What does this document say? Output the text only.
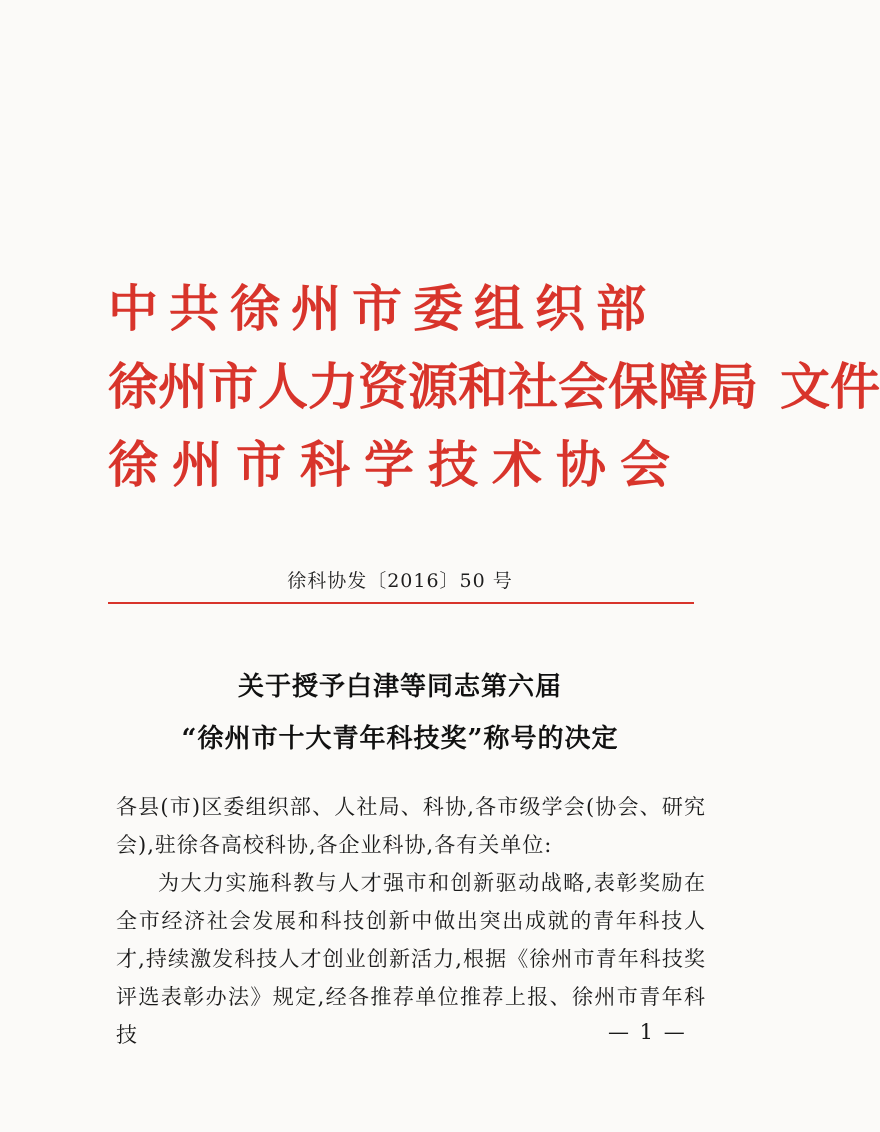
中共徐州市委组织部
徐州市人力资源和社会保障局 文件
徐州市科学技术协会
徐科协发〔2016〕50 号
关于授予白津等同志第六届
“徐州市十大青年科技奖”称号的决定

各县(市)区委组织部、人社局、科协,各市级学会(协会、研究会),驻徐各高校科协,各企业科协,各有关单位:

为大力实施科教与人才强市和创新驱动战略,表彰奖励在全市经济社会发展和科技创新中做出突出成就的青年科技人才,持续激发科技人才创业创新活力,根据《徐州市青年科技奖评选表彰办法》规定,经各推荐单位推荐上报、徐州市青年科技	— 1 —
